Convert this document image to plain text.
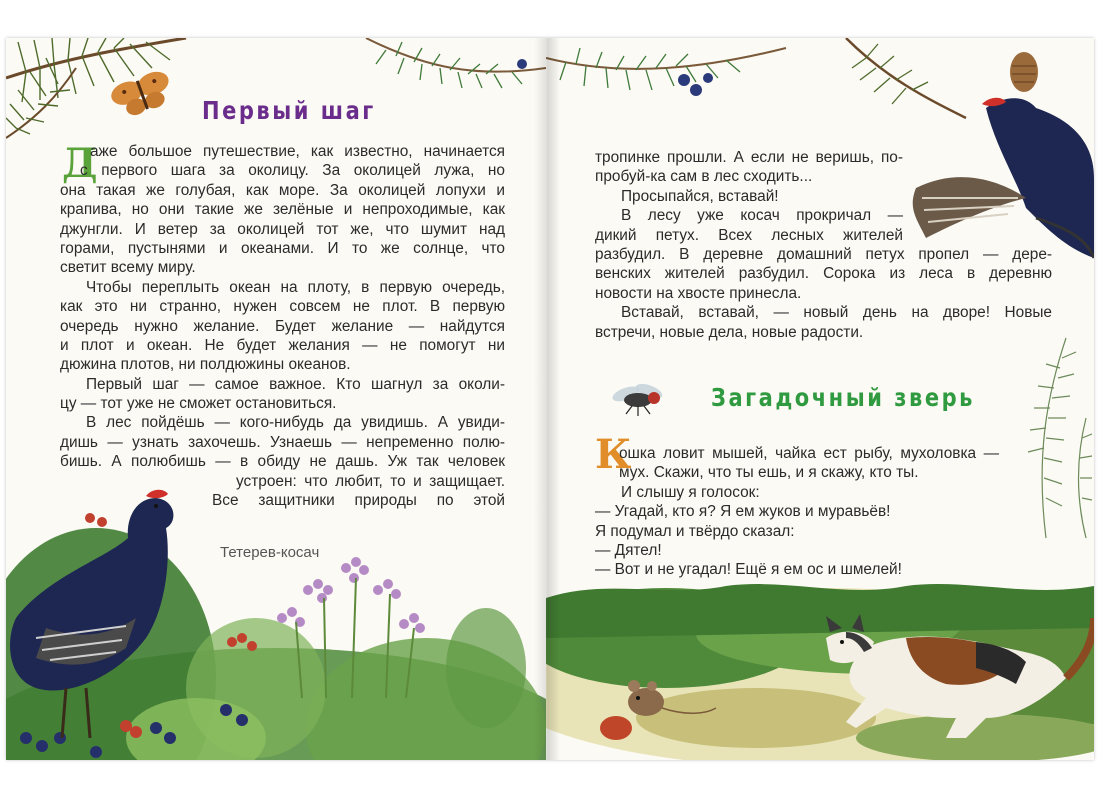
Первый шаг
Д
аже большое путешествие, как известно, начинается
с первого шага за околицу. За околицей лужа, но
она такая же голубая, как море. За околицей лопухи и
крапива, но они такие же зелёные и непроходимые, как
джунгли. И ветер за околицей тот же, что шумит над
горами, пустынями и океанами. И то же солнце, что
светит всему миру.
Чтобы переплыть океан на плоту, в первую очередь,
как это ни странно, нужен совсем не плот. В первую
очередь нужно желание. Будет желание — найдутся
и плот и океан. Не будет желания — не помогут ни
дюжина плотов, ни полдюжины океанов.
Первый шаг — самое важное. Кто шагнул за околи-
цу — тот уже не сможет остановиться.
В лес пойдёшь — кого-нибудь да увидишь. А увиди-
дишь — узнать захочешь. Узнаешь — непременно полю-
бишь. А полюбишь — в обиду не дашь. Уж так человек
устроен: что любит, то и защищает.
Все защитники природы по этой
Тетерев-косач
Загадочный зверь
тропинке прошли. А если не веришь, по-
пробуй-ка сам в лес сходить...
Просыпайся, вставай!
В лесу уже косач прокричал —
дикий петух. Всех лесных жителей
разбудил. В деревне домашний петух пропел — дере-
венских жителей разбудил. Сорока из леса в деревню
новости на хвосте принесла.
Вставай, вставай, — новый день на дворе! Новые
встречи, новые дела, новые радости.
К
ошка ловит мышей, чайка ест рыбу, мухоловка —
мух. Скажи, что ты ешь, и я скажу, кто ты.
И слышу я голосок:
— Угадай, кто я? Я ем жуков и муравьёв!
Я подумал и твёрдо сказал:
— Дятел!
— Вот и не угадал! Ещё я ем ос и шмелей!
